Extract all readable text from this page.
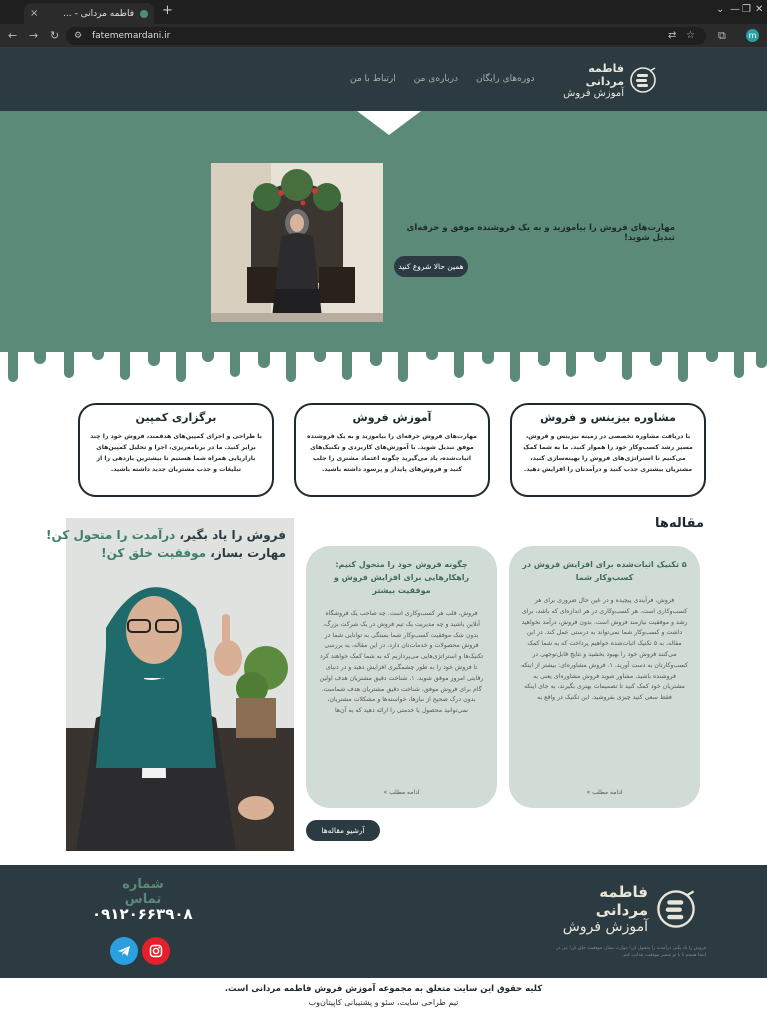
فاطمه مردانی - ...
×	+	⌄ — ❐ ✕
← → ↻ ⚙ fatememardani.ir	⇄ ☆ ⧉	m
فاطمه مردانی
آموزش فروش
دوره‌های رایگان
درباره‌ی من
ارتباط با من
مهارت‌های فروش را بیاموزید و به یک فروشنده موفق و حرفه‌ای تبدیل شوید!
همین حالا شروع کنید
مشاوره بیزینس و فروش

با دریافت مشاوره تخصصی در زمینه بیزینس و فروش، مسیر رشد کسب‌وکار خود را هموار کنید. ما به شما کمک می‌کنیم تا استراتژی‌های فروش را بهینه‌سازی کنید، مشتریان بیشتری جذب کنید و درآمدتان را افزایش دهید.

آموزش فروش

مهارت‌های فروش حرفه‌ای را بیاموزید و به یک فروشنده موفق تبدیل شوید. با آموزش‌های کاربردی و تکنیک‌های اثبات‌شده، یاد می‌گیرید چگونه اعتماد مشتری را جلب کنید و فروش‌های پایدار و پرسود داشته باشید.

برگزاری کمپین

با طراحی و اجرای کمپین‌های هدفمند، فروش خود را چند برابر کنید. ما در برنامه‌ریزی، اجرا و تحلیل کمپین‌های بازاریابی همراه شما هستیم تا بیشترین بازدهی را از تبلیغات و جذب مشتریان جدید داشته باشید.

مقاله‌ها
۵ تکنیک اثبات‌شده برای افزایش فروش در کسب‌وکار شما

فروش، فرآیندی پیچیده و در عین حال ضروری برای هر کسب‌وکاری است. هر کسب‌وکاری در هر اندازه‌ای که باشد، برای رشد و موفقیت نیازمند فروش است. بدون فروش، درآمد نخواهید داشت و کسب‌وکار شما نمی‌تواند به درستی عمل کند. در این مقاله، به ۵ تکنیک اثبات‌شده خواهیم پرداخت که به شما کمک می‌کنند فروش خود را بهبود بخشید و نتایج قابل‌توجهی در کسب‌وکارتان به دست آورید. ۱. فروش مشاوره‌ای: بیشتر از اینکه فروشنده باشید، مشاور شوید فروش مشاوره‌ای یعنی به مشتریان خود کمک کنید تا تصمیمات بهتری بگیرند، به جای اینکه فقط سعی کنید چیزی بفروشید. این تکنیک در واقع به

ادامه مطلب »
چگونه فروش خود را متحول کنیم: راهکارهایی برای افزایش فروش و موفقیت بیشتر

فروش، قلب هر کسب‌وکاری است. چه صاحب یک فروشگاه آنلاین باشید و چه مدیریت یک تیم فروش در یک شرکت بزرگ، بدون شک موفقیت کسب‌وکار شما بستگی به توانایی شما در فروش محصولات و خدمات‌تان دارد. در این مقاله، به بررسی تکنیک‌ها و استراتژی‌هایی می‌پردازیم که به شما کمک خواهند کرد تا فروش خود را به طور چشمگیری افزایش دهید و در دنیای رقابتی امروز موفق شوید. ۱. شناخت دقیق مشتریان هدف اولین گام برای فروش موفق، شناخت دقیق مشتریان هدف شماست. بدون درک صحیح از نیازها، خواسته‌ها و مشکلات مشتریان، نمی‌توانید محصول یا خدمتی را ارائه دهید که به آن‌ها

ادامه مطلب »
آرشیو مقاله‌ها
فروش را یاد بگیر، درآمدت را متحول کن!
مهارت بساز، موفقیت خلق کن!
شماره تماس
۰۹۱۲۰۶۶۳۹۰۸
فاطمه مردانی
آموزش فروش
فروش را یاد بگیر، درآمدت را متحول کن! مهارت بساز، موفقیت خلق کن! من در اینجا هستم تا با تو مسیر موفقیت هدایت کنم.
کلیه حقوق این سایت متعلق به مجموعه آموزش فروش فاطمه مردانی است.
تیم طراحی سایت، سئو و پشتیبانی کاپیتان‌وب
